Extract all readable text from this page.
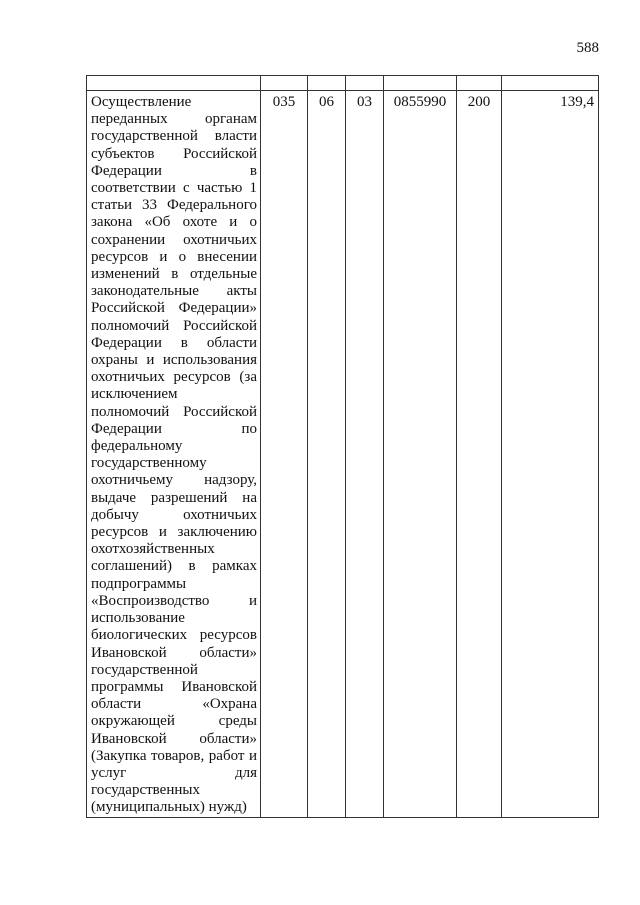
588

Осуществление переданных органам государственной власти субъектов Российской Федерации в соответствии с частью 1 статьи 33 Федерального закона «Об охоте и о сохранении охотничьих ресурсов и о внесении изменений в отдельные законодательные акты Российской Федерации» полномочий Российской Федерации в области охраны и использования охотничьих ресурсов (за исключением полномочий Российской Федерации по федеральному государственному охотничьему надзору, выдаче разрешений на добычу охотничьих ресурсов и заключению охотхозяйственных соглашений) в рамках подпрограммы «Воспроизводство и использование биологических ресурсов Ивановской области» государственной программы Ивановской области «Охрана окружающей среды Ивановской области» (Закупка товаров, работ и услуг для государственных (муниципальных) нужд)	035	06	03	0855990	200	139,4
